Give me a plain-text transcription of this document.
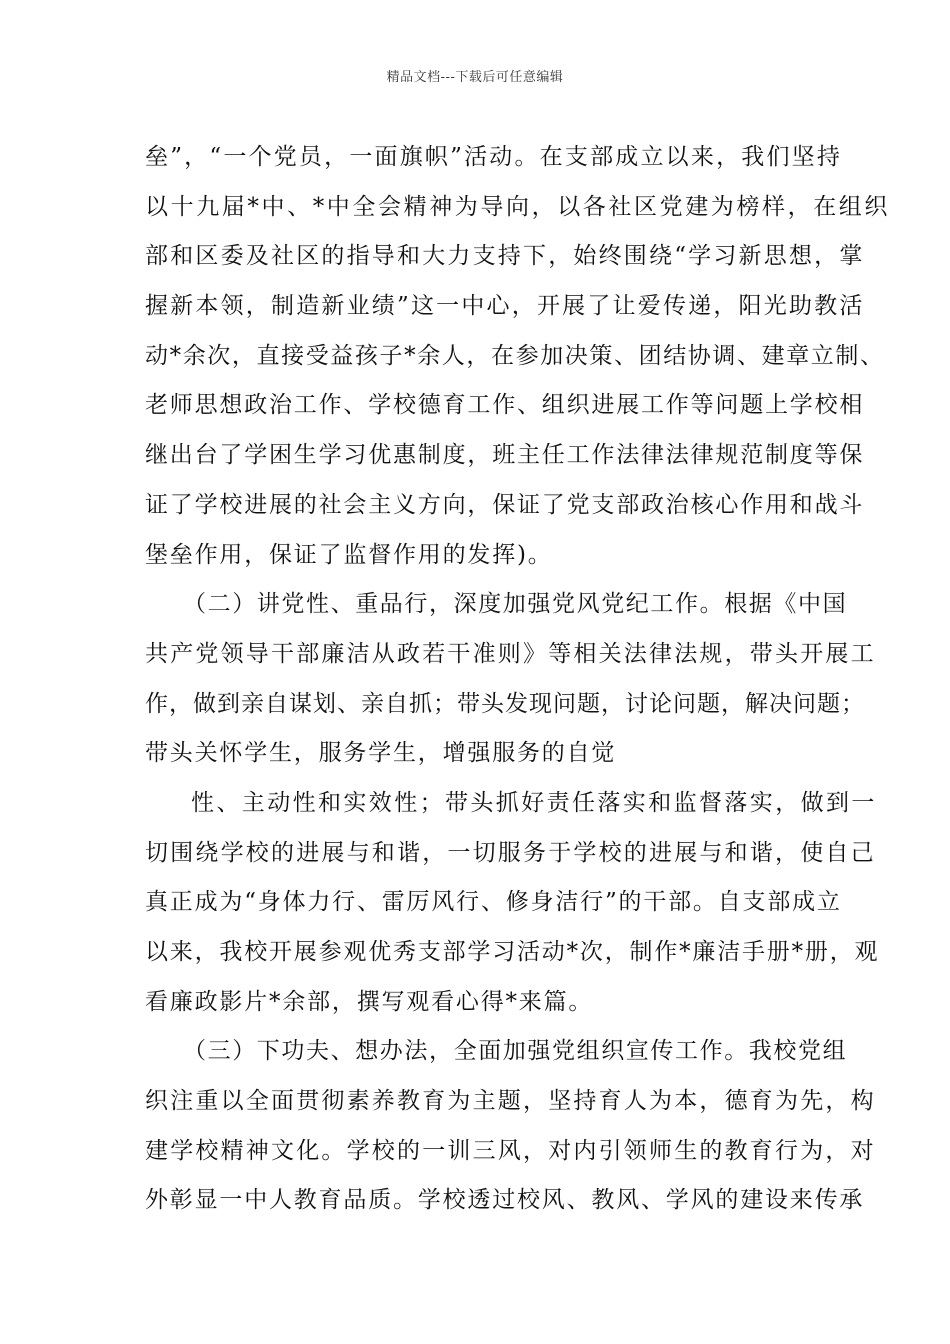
精品文档---下载后可任意编辑
垒”，“一个党员，一面旗帜”活动。在支部成立以来，我们坚持
以十九届*中、*中全会精神为导向，以各社区党建为榜样，在组织
部和区委及社区的指导和大力支持下，始终围绕“学习新思想，掌
握新本领，制造新业绩”这一中心，开展了让爱传递，阳光助教活
动*余次，直接受益孩子*余人，在参加决策、团结协调、建章立制、
老师思想政治工作、学校德育工作、组织进展工作等问题上学校相
继出台了学困生学习优惠制度，班主任工作法律法律规范制度等保
证了学校进展的社会主义方向，保证了党支部政治核心作用和战斗
堡垒作用，保证了监督作用的发挥)。
（二）讲党性、重品行，深度加强党风党纪工作。根据《中国
共产党领导干部廉洁从政若干准则》等相关法律法规，带头开展工
作，做到亲自谋划、亲自抓；带头发现问题，讨论问题，解决问题；
带头关怀学生，服务学生，增强服务的自觉
性、主动性和实效性；带头抓好责任落实和监督落实，做到一
切围绕学校的进展与和谐，一切服务于学校的进展与和谐，使自己
真正成为“身体力行、雷厉风行、修身洁行”的干部。自支部成立
以来，我校开展参观优秀支部学习活动*次，制作*廉洁手册*册，观
看廉政影片*余部，撰写观看心得*来篇。
（三）下功夫、想办法，全面加强党组织宣传工作。我校党组
织注重以全面贯彻素养教育为主题，坚持育人为本，德育为先，构
建学校精神文化。学校的一训三风，对内引领师生的教育行为，对
外彰显一中人教育品质。学校透过校风、教风、学风的建设来传承
